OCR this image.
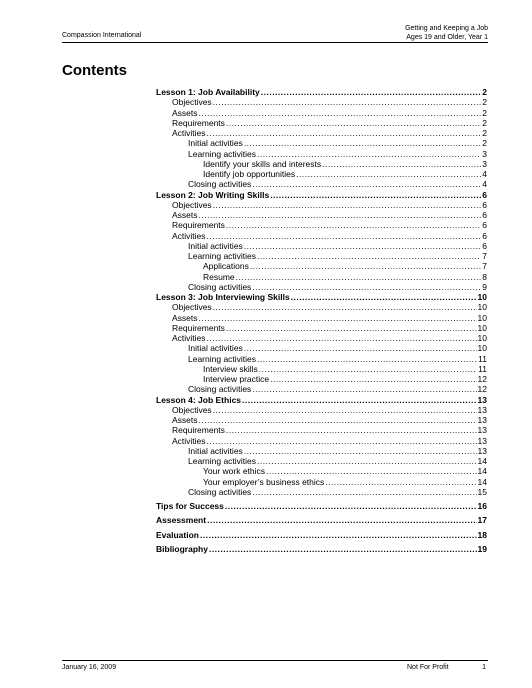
Compassion International
Getting and Keeping a Job
Ages 19 and Older, Year 1
Contents
Lesson 1: Job Availability .....	2
Objectives .....	2
Assets .....	2
Requirements .....	2
Activities .....	2
Initial activities .....	2
Learning activities .....	3
Identify your skills and interests .....	3
Identify job opportunities .....	4
Closing activities .....	4
Lesson 2: Job Writing Skills .....	6
Objectives .....	6
Assets .....	6
Requirements .....	6
Activities .....	6
Initial activities .....	6
Learning activities .....	7
Applications .....	7
Resume .....	8
Closing activities .....	9
Lesson 3: Job Interviewing Skills .....	10
Objectives .....	10
Assets .....	10
Requirements .....	10
Activities .....	10
Initial activities .....	10
Learning activities .....	11
Interview skills .....	11
Interview practice .....	12
Closing activities .....	12
Lesson 4: Job Ethics .....	13
Objectives .....	13
Assets .....	13
Requirements .....	13
Activities .....	13
Initial activities .....	13
Learning activities .....	14
Your work ethics .....	14
Your employer’s business ethics .....	14
Closing activities .....	15
Tips for Success .....	16
Assessment .....	17
Evaluation .....	18
Bibliography .....	19
January 16, 2009	Not For Profit	1
